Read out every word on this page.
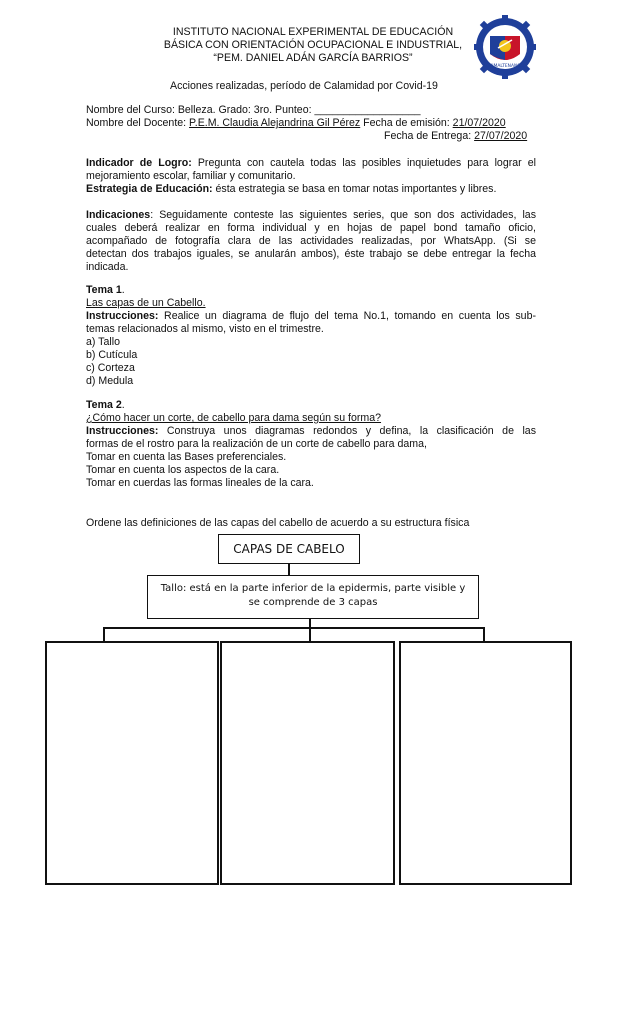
INSTITUTO NACIONAL EXPERIMENTAL DE EDUCACIÓN
BÁSICA CON ORIENTACIÓN OCUPACIONAL E INDUSTRIAL,
“PEM. DANIEL ADÁN GARCÍA BARRIOS”
CHIMALTENANGO
Acciones realizadas, período de Calamidad por Covid-19
Nombre del Curso: Belleza. Grado: 3ro. Punteo: __________________
Nombre del Docente: P.E.M. Claudia Alejandrina Gil Pérez Fecha de emisión: 21/07/2020
Fecha de Entrega: 27/07/2020
Indicador de Logro: Pregunta con cautela todas las posibles inquietudes para lograr el
mejoramiento escolar, familiar y comunitario.
Estrategia de Educación: ésta estrategia se basa en tomar notas importantes y libres.
Indicaciones: Seguidamente conteste las siguientes series, que son dos actividades, las
cuales deberá realizar en forma individual y en hojas de papel bond tamaño oficio,
acompañado de fotografía clara de las actividades realizadas, por WhatsApp. (Si se
detectan dos trabajos iguales, se anularán ambos), éste trabajo se debe entregar la fecha
indicada.
Tema 1.
Las capas de un Cabello.
Instrucciones: Realice un diagrama de flujo del tema No.1, tomando en cuenta los sub-
temas relacionados al mismo, visto en el trimestre.
a) Tallo
b) Cutícula
c) Corteza
d) Medula
Tema 2.
¿Cómo hacer un corte, de cabello para dama según su forma?
Instrucciones: Construya unos diagramas redondos y defina, la clasificación de las
formas de el rostro para la realización de un corte de cabello para dama,
Tomar en cuenta las Bases preferenciales.
Tomar en cuenta los aspectos de la cara.
Tomar en cuerdas las formas lineales de la cara.
Ordene las definiciones de las capas del cabello de acuerdo a su estructura física
CAPAS DE CABELO
Tallo: está en la parte inferior de la epidermis, parte visible y
se comprende de 3 capas
